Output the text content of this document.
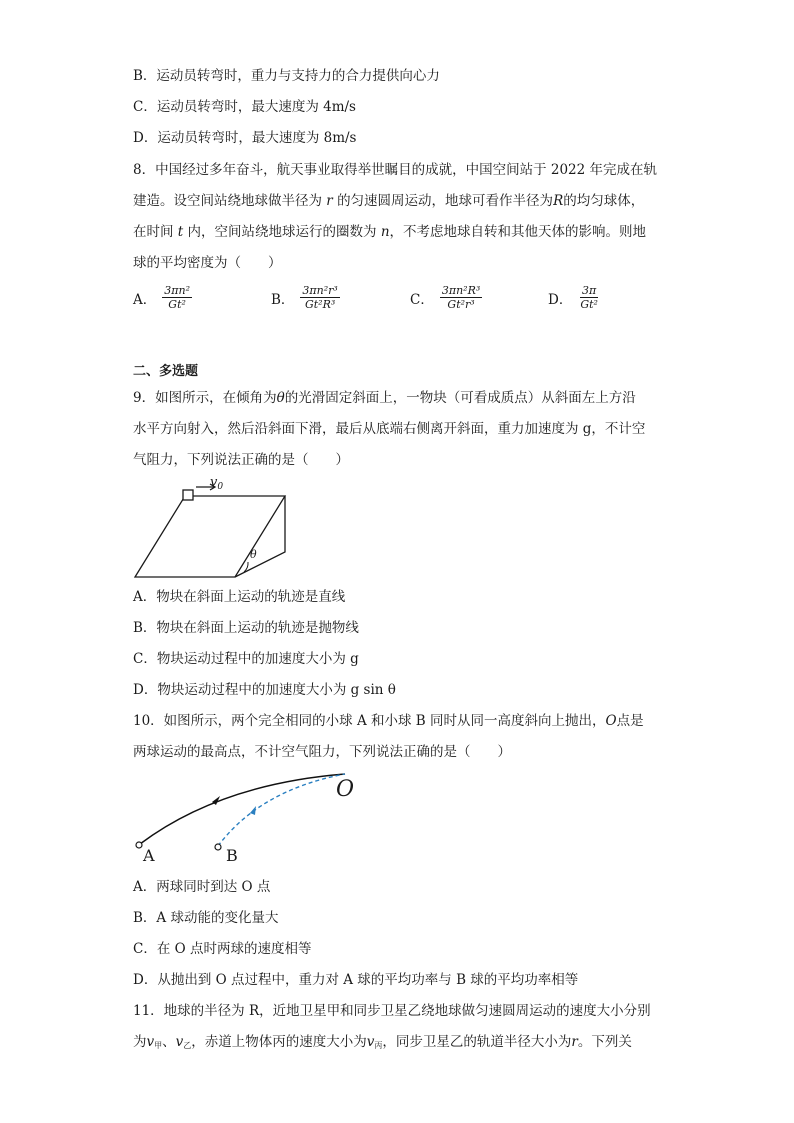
B．运动员转弯时，重力与支持力的合力提供向心力
C．运动员转弯时，最大速度为 4m/s
D．运动员转弯时，最大速度为 8m/s

8．中国经过多年奋斗，航天事业取得举世瞩目的成就，中国空间站于 2022 年完成在轨

建造。设空间站绕地球做半径为 r 的匀速圆周运动，地球可看作半径为R的均匀球体，

在时间 t 内，空间站绕地球运行的圈数为 n，不考虑地球自转和其他天体的影响。则地

球的平均密度为（　　）

A． $\frac{\text{3πn²}}{\text{Gt²}}$	B． $\frac{\text{3πn²r³}}{\text{Gt²R³}}$	C． $\frac{\text{3πn²R³}}{\text{Gt²r³}}$	D． $\frac{3\pi}{\text{Gt²}}$
二、多选题

9．如图所示，在倾角为θ的光滑固定斜面上，一物块（可看成质点）从斜面左上方沿

水平方向射入，然后沿斜面下滑，最后从底端右侧离开斜面，重力加速度为 g，不计空

气阻力，下列说法正确的是（　　）

$v_0$
θ
A．物块在斜面上运动的轨迹是直线
B．物块在斜面上运动的轨迹是抛物线
C．物块运动过程中的加速度大小为 g
D．物块运动过程中的加速度大小为 g sin θ

10．如图所示，两个完全相同的小球 A 和小球 B 同时从同一高度斜向上抛出，O点是

两球运动的最高点，不计空气阻力，下列说法正确的是（　　）

O
A	B
A．两球同时到达 O 点
B．A 球动能的变化量大
C．在 O 点时两球的速度相等
D．从抛出到 O 点过程中，重力对 A 球的平均功率与 B 球的平均功率相等

11．地球的半径为 R，近地卫星甲和同步卫星乙绕地球做匀速圆周运动的速度大小分别

为$v_甲$、$v_乙$，赤道上物体丙的速度大小为$v_丙$，同步卫星乙的轨道半径大小为r。下列关
